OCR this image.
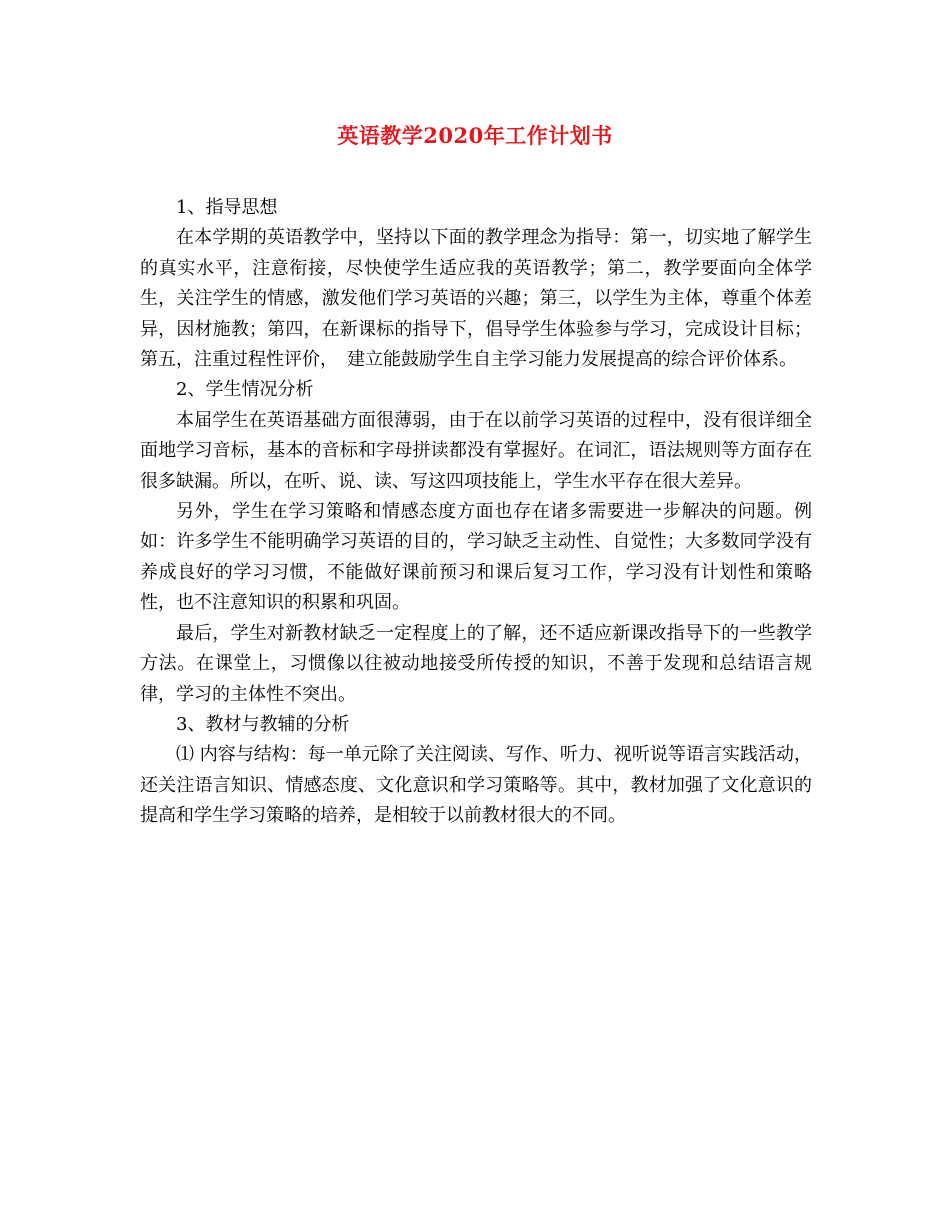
英语教学2020年工作计划书

1、指导思想

在本学期的英语教学中，坚持以下面的教学理念为指导：第一，切实地了解学生的真实水平，注意衔接，尽快使学生适应我的英语教学；第二，教学要面向全体学生，关注学生的情感，激发他们学习英语的兴趣；第三，以学生为主体，尊重个体差异，因材施教；第四，在新课标的指导下，倡导学生体验参与学习，完成设计目标；第五，注重过程性评价，　建立能鼓励学生自主学习能力发展提高的综合评价体系。

2、学生情况分析

本届学生在英语基础方面很薄弱，由于在以前学习英语的过程中，没有很详细全面地学习音标，基本的音标和字母拼读都没有掌握好。在词汇，语法规则等方面存在很多缺漏。所以，在听、说、读、写这四项技能上，学生水平存在很大差异。

另外，学生在学习策略和情感态度方面也存在诸多需要进一步解决的问题。例如：许多学生不能明确学习英语的目的，学习缺乏主动性、自觉性；大多数同学没有养成良好的学习习惯，不能做好课前预习和课后复习工作，学习没有计划性和策略性，也不注意知识的积累和巩固。

最后，学生对新教材缺乏一定程度上的了解，还不适应新课改指导下的一些教学方法。在课堂上，习惯像以往被动地接受所传授的知识，不善于发现和总结语言规律，学习的主体性不突出。

3、教材与教辅的分析

⑴ 内容与结构：每一单元除了关注阅读、写作、听力、视听说等语言实践活动，还关注语言知识、情感态度、文化意识和学习策略等。其中，教材加强了文化意识的提高和学生学习策略的培养，是相较于以前教材很大的不同。
